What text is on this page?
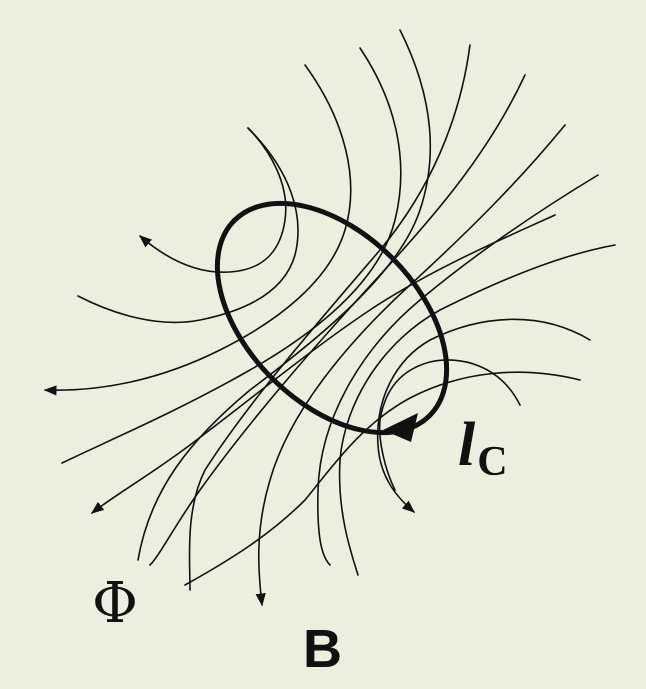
Φ
B
lC
